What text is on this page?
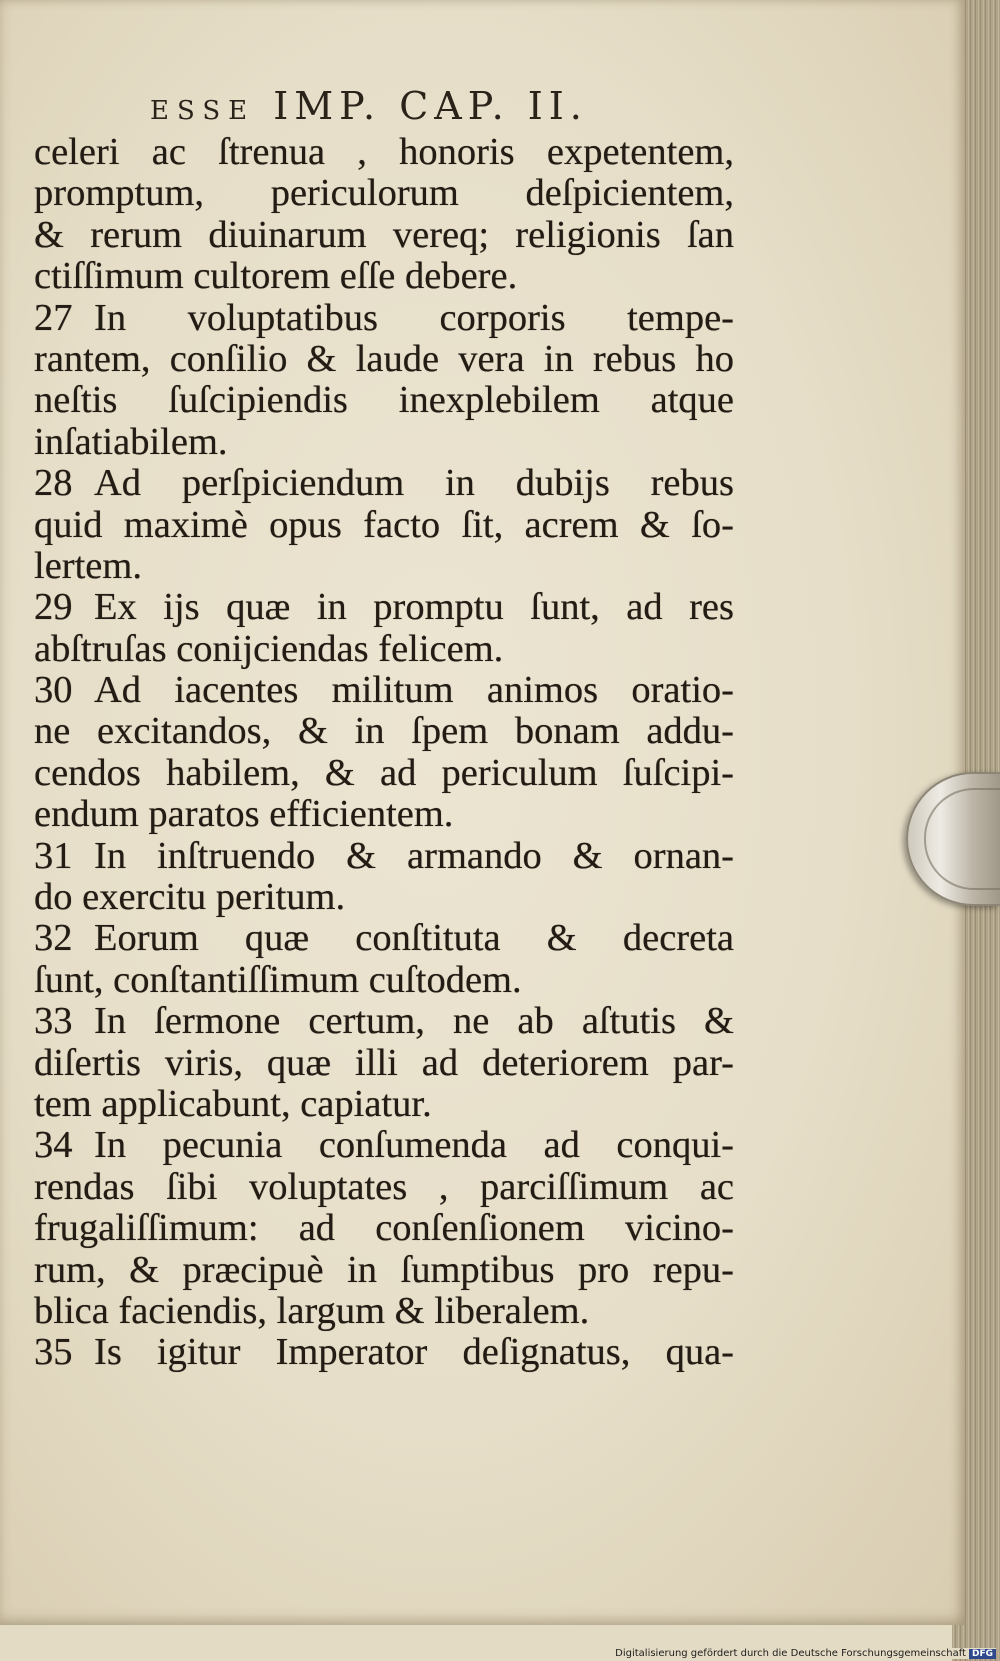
ESSE IMP. CAP. II.
celeri ac ſtrenua , honoris expetentem,
promptum, periculorum deſpicientem,
& rerum diuinarum vereq; religionis ſan
ctiſſimum cultorem eſſe debere.
27 In voluptatibus corporis tempe-
rantem, conſilio & laude vera in rebus ho
neſtis ſuſcipiendis inexplebilem atque
inſatiabilem.
28 Ad perſpiciendum in dubijs rebus
quid maximè opus facto ſit, acrem & ſo-
lertem.
29 Ex ijs quæ in promptu ſunt, ad res
abſtruſas conijciendas felicem.
30 Ad iacentes militum animos oratio-
ne excitandos, & in ſpem bonam addu-
cendos habilem, & ad periculum ſuſcipi-
endum paratos efficientem.
31 In inſtruendo & armando & ornan-
do exercitu peritum.
32 Eorum quæ conſtituta & decreta
ſunt, conſtantiſſimum cuſtodem.
33 In ſermone certum, ne ab aſtutis &
diſertis viris, quæ illi ad deteriorem par-
tem applicabunt, capiatur.
34 In pecunia conſumenda ad conqui-
rendas ſibi voluptates , parciſſimum ac
frugaliſſimum: ad conſenſionem vicino-
rum, & præcipuè in ſumptibus pro repu-
blica faciendis, largum & liberalem.
35 Is igitur Imperator deſignatus, qua-
Digitalisierung gefördert durch die Deutsche Forschungsgemeinschaft DFG
